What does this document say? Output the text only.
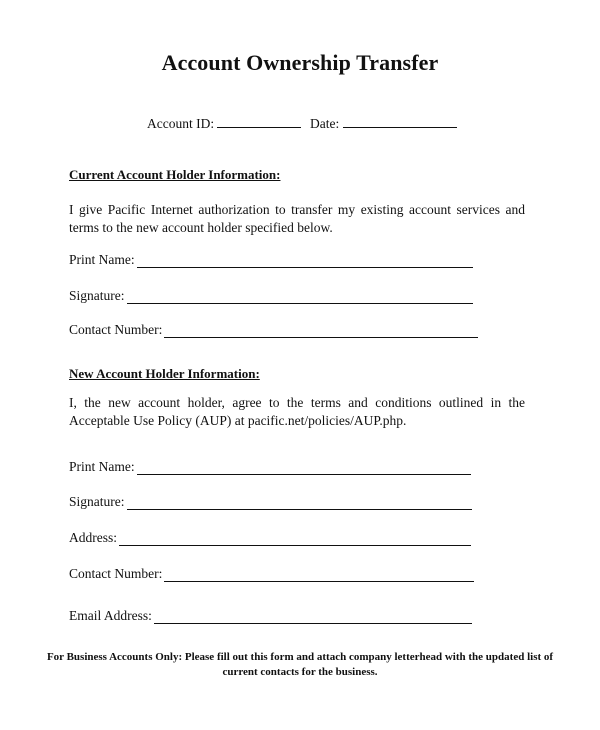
Account Ownership Transfer
Account ID:	Date:
Current Account Holder Information:
I give Pacific Internet authorization to transfer my existing account services and terms to the new account holder specified below.
Print Name:
Signature:
Contact Number:
New Account Holder Information:
I, the new account holder, agree to the terms and conditions outlined in the Acceptable Use Policy (AUP) at pacific.net/policies/AUP.php.
Print Name:
Signature:
Address:
Contact Number:
Email Address:
For Business Accounts Only: Please fill out this form and attach company letterhead with the updated list of current contacts for the business.
